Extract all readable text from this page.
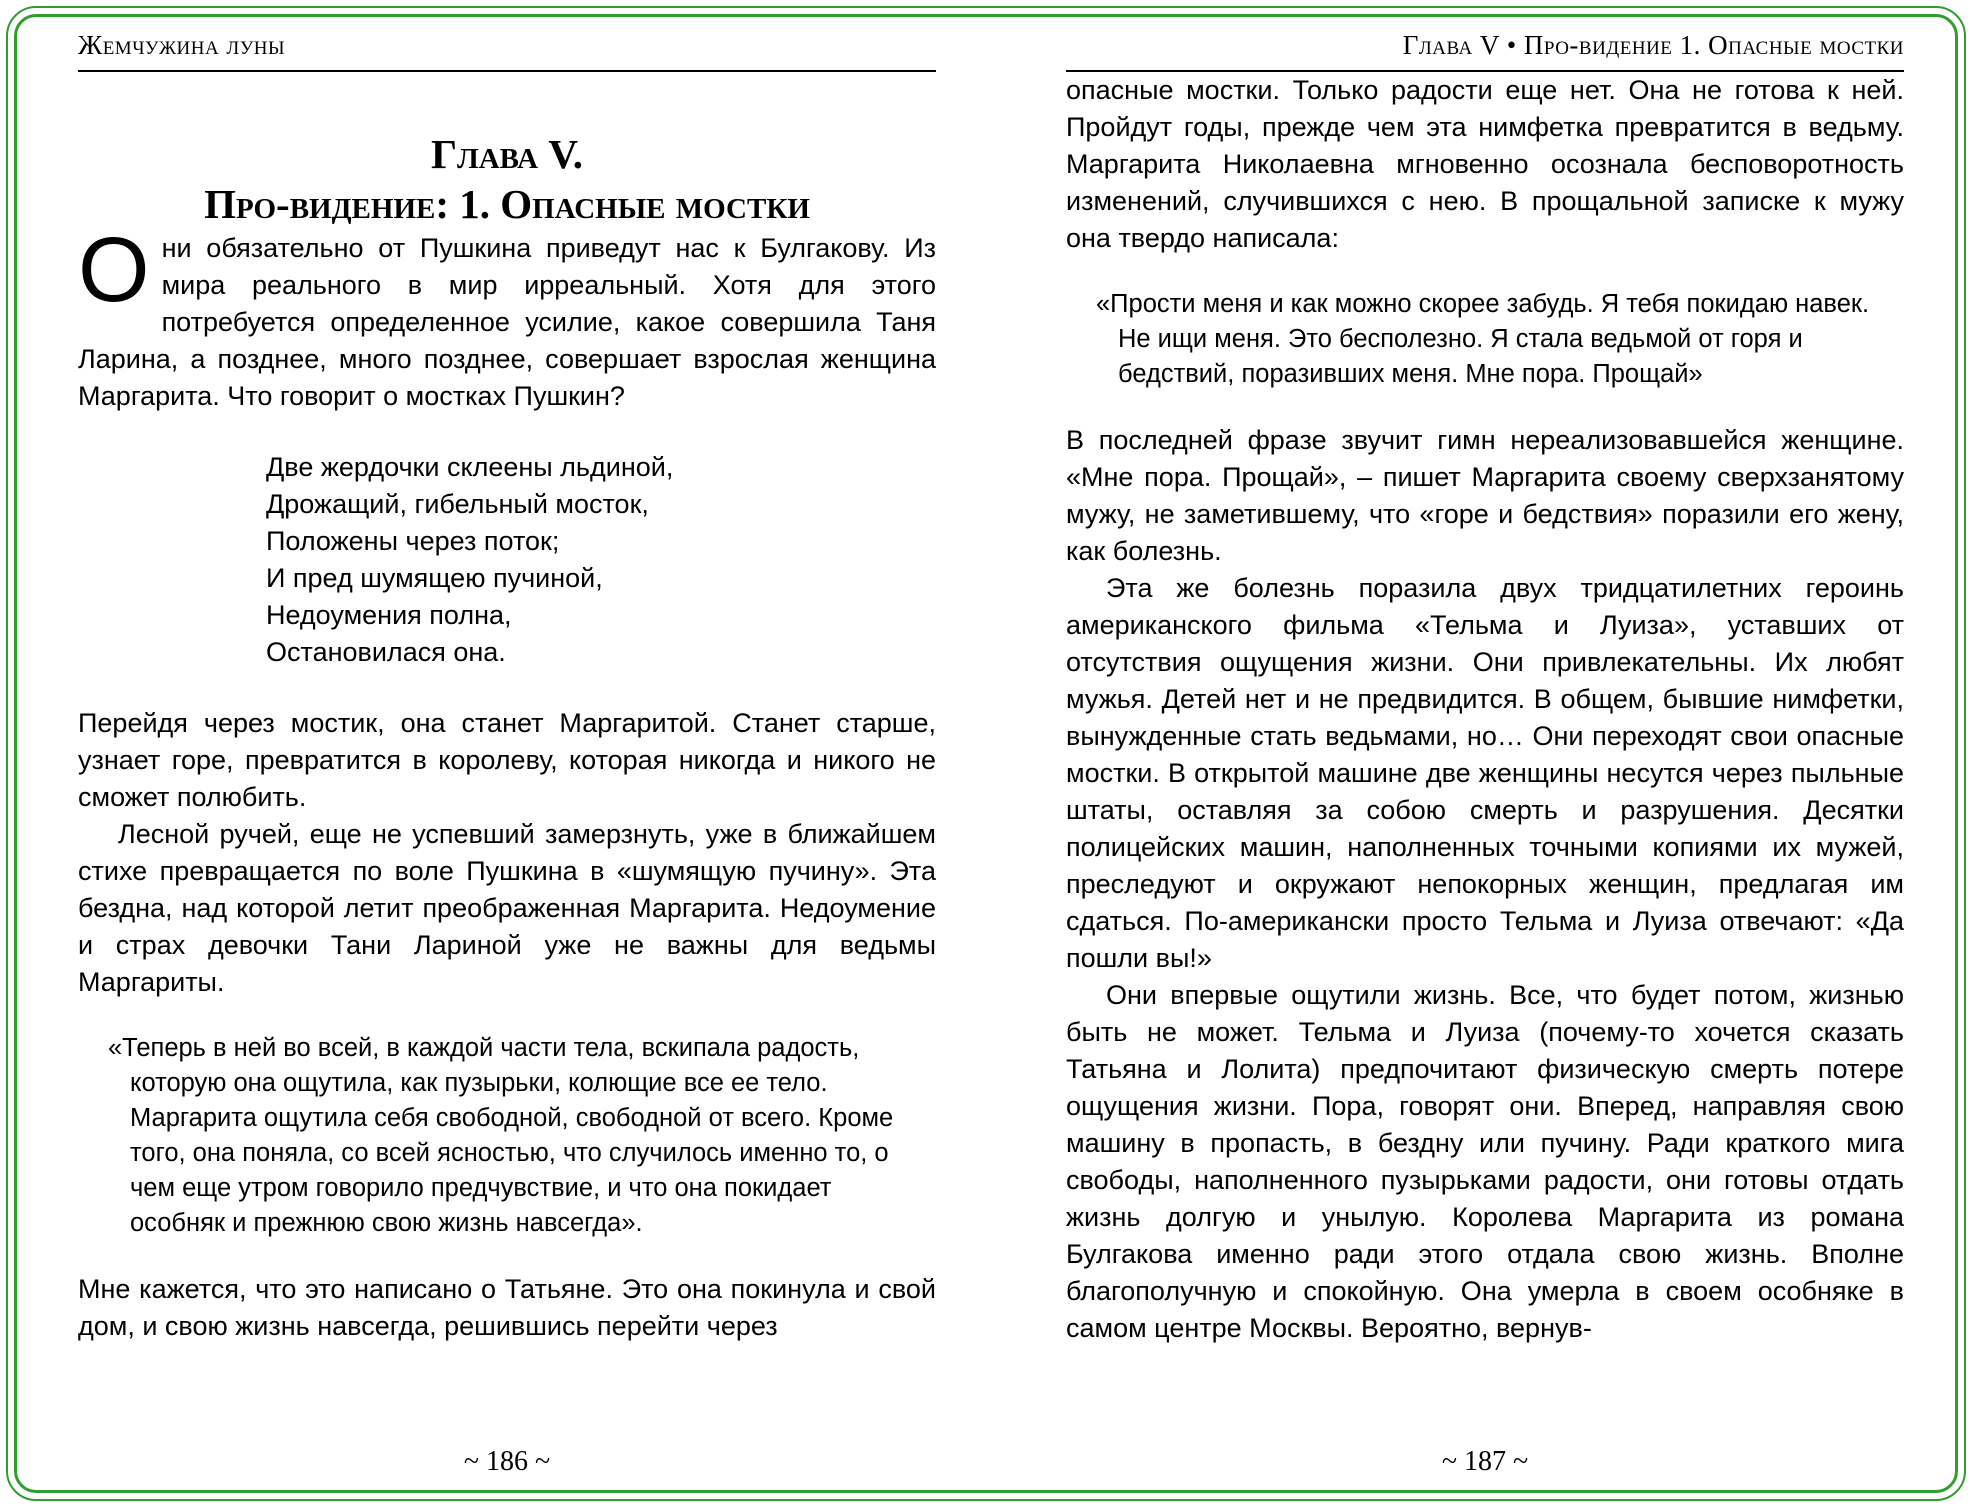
Жемчужина луны
Глава V.
Про-видение: 1. Опасные мостки

Они обязательно от Пушкина приведут нас к Булгакову. Из мира реального в мир ирреальный. Хотя для этого потребуется определенное усилие, какое совершила Таня Ларина, а позднее, много позднее, совершает взрослая женщина Маргарита. Что говорит о мостках Пушкин?

Две жердочки склеены льдиной,
Дрожащий, гибельный мосток,
Положены через поток;
И пред шумящею пучиной,
Недоумения полна,
Остановилася она.

Перейдя через мостик, она станет Маргаритой. Станет старше, узнает горе, превратится в королеву, которая никогда и никого не сможет полюбить.

Лесной ручей, еще не успевший замерзнуть, уже в ближайшем стихе превращается по воле Пушкина в «шумящую пучину». Эта бездна, над которой летит преображенная Маргарита. Недоумение и страх девочки Тани Лариной уже не важны для ведьмы Маргариты.

«Теперь в ней во всей, в каждой части тела, вскипала радость, которую она ощутила, как пузырьки, колющие все ее тело. Маргарита ощутила себя свободной, свободной от всего. Кроме того, она поняла, со всей ясностью, что случилось именно то, о чем еще утром говорило предчувствие, и что она покидает особняк и прежнюю свою жизнь навсегда».

Мне кажется, что это написано о Татьяне. Это она покинула и свой дом, и свою жизнь навсегда, решившись перейти через

~ 186 ~
Глава V • Про-видение 1. Опасные мостки

опасные мостки. Только радости еще нет. Она не готова к ней. Пройдут годы, прежде чем эта нимфетка превратится в ведьму. Маргарита Николаевна мгновенно осознала бесповоротность изменений, случившихся с нею. В прощальной записке к мужу она твердо написала:

«Прости меня и как можно скорее забудь. Я тебя покидаю навек. Не ищи меня. Это бесполезно. Я стала ведьмой от горя и бедствий, поразивших меня. Мне пора. Прощай»

В последней фразе звучит гимн нереализовавшейся женщине. «Мне пора. Прощай», – пишет Маргарита своему сверхзанятому мужу, не заметившему, что «горе и бедствия» поразили его жену, как болезнь.

Эта же болезнь поразила двух тридцатилетних героинь американского фильма «Тельма и Луиза», уставших от отсутствия ощущения жизни. Они привлекательны. Их любят мужья. Детей нет и не предвидится. В общем, бывшие нимфетки, вынужденные стать ведьмами, но… Они переходят свои опасные мостки. В открытой машине две женщины несутся через пыльные штаты, оставляя за собою смерть и разрушения. Десятки полицейских машин, наполненных точными копиями их мужей, преследуют и окружают непокорных женщин, предлагая им сдаться. По-американски просто Тельма и Луиза отвечают: «Да пошли вы!»

Они впервые ощутили жизнь. Все, что будет потом, жизнью быть не может. Тельма и Луиза (почему-то хочется сказать Татьяна и Лолита) предпочитают физическую смерть потере ощущения жизни. Пора, говорят они. Вперед, направляя свою машину в пропасть, в бездну или пучину. Ради краткого мига свободы, наполненного пузырьками радости, они готовы отдать жизнь долгую и унылую. Королева Маргарита из романа Булгакова именно ради этого отдала свою жизнь. Вполне благополучную и спокойную. Она умерла в своем особняке в самом центре Москвы. Вероятно, вернув-

~ 187 ~
